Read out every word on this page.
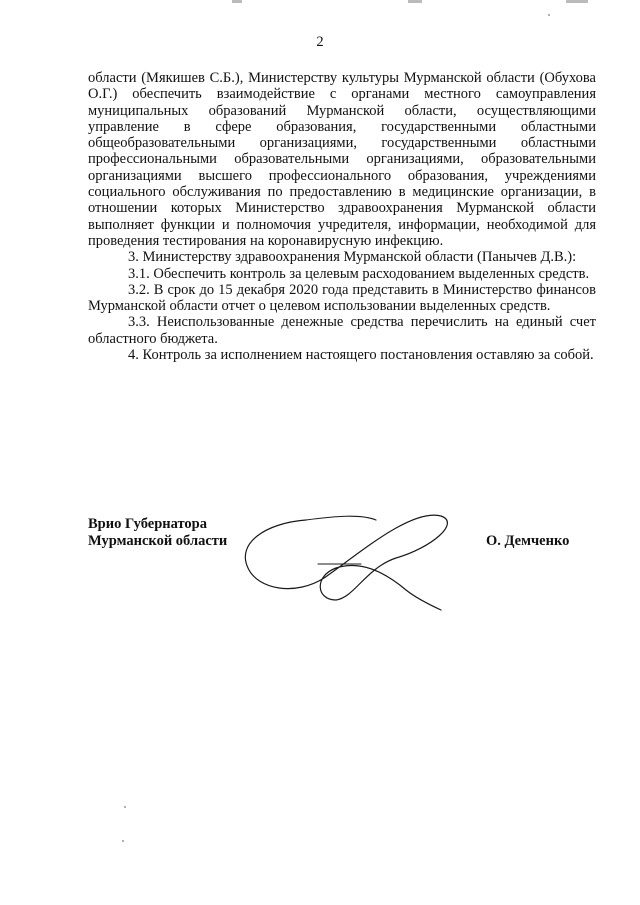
2

области (Мякишев С.Б.), Министерству культуры Мурманской области (Обухова О.Г.) обеспечить взаимодействие с органами местного самоуправления муниципальных образований Мурманской области, осуществляющими управление в сфере образования, государственными областными общеобразовательными организациями, государственными областными профессиональными образовательными организациями, образовательными организациями высшего профессионального образования, учреждениями социального обслуживания по предоставлению в медицинские организации, в отношении которых Министерство здравоохранения Мурманской области выполняет функции и полномочия учредителя, информации, необходимой для проведения тестирования на коронавирусную инфекцию.

3. Министерству здравоохранения Мурманской области (Панычев Д.В.):

3.1. Обеспечить контроль за целевым расходованием выделенных средств.

3.2. В срок до 15 декабря 2020 года представить в Министерство финансов Мурманской области отчет о целевом использовании выделенных средств.

3.3. Неиспользованные денежные средства перечислить на единый счет областного бюджета.

4. Контроль за исполнением настоящего постановления оставляю за собой.

Врио Губернатора
Мурманской области	О. Демченко
